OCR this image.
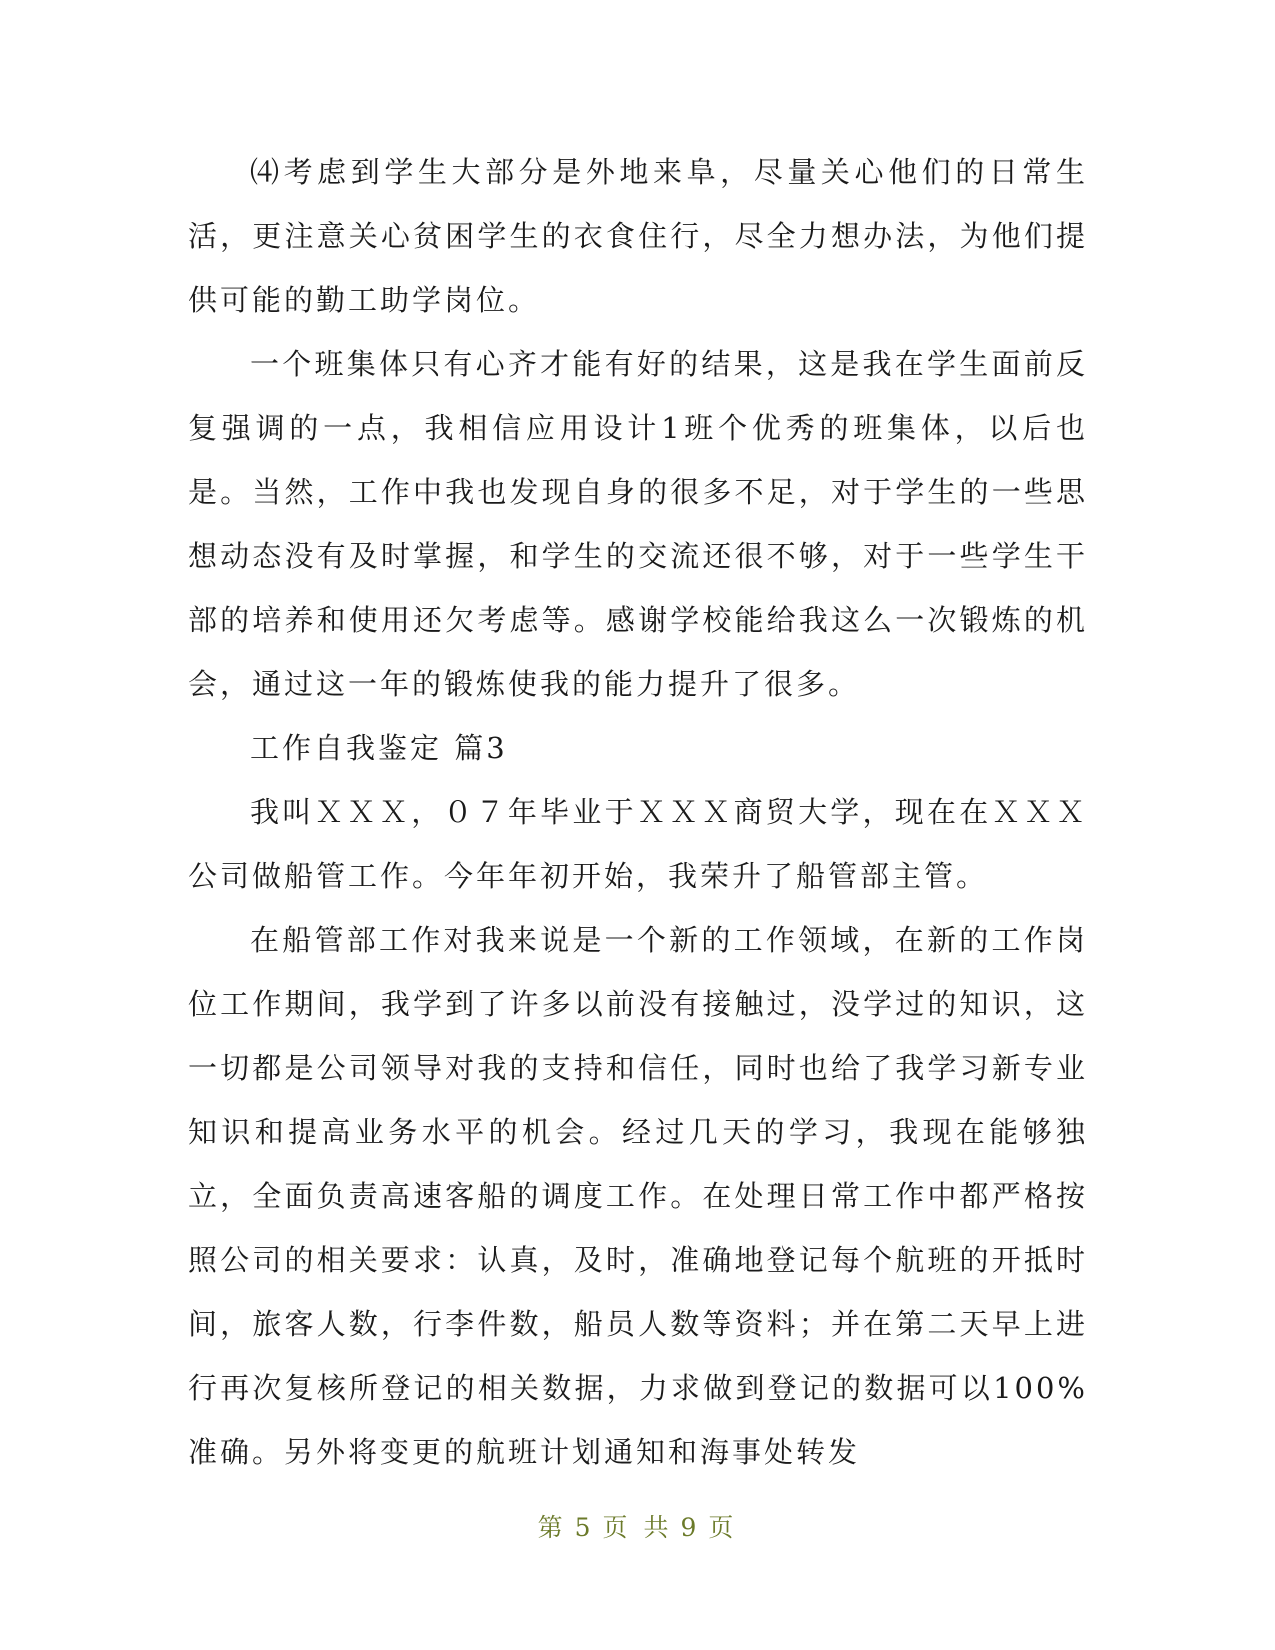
⑷考虑到学生大部分是外地来阜，尽量关心他们的日常生活，更注意关心贫困学生的衣食住行，尽全力想办法，为他们提供可能的勤工助学岗位。

一个班集体只有心齐才能有好的结果，这是我在学生面前反复强调的一点，我相信应用设计1班个优秀的班集体，以后也是。当然，工作中我也发现自身的很多不足，对于学生的一些思想动态没有及时掌握，和学生的交流还很不够，对于一些学生干部的培养和使用还欠考虑等。感谢学校能给我这么一次锻炼的机会，通过这一年的锻炼使我的能力提升了很多。

工作自我鉴定 篇3

我叫ＸＸＸ，０７年毕业于ＸＸＸ商贸大学，现在在ＸＸＸ公司做船管工作。今年年初开始，我荣升了船管部主管。

在船管部工作对我来说是一个新的工作领域，在新的工作岗位工作期间，我学到了许多以前没有接触过，没学过的知识，这一切都是公司领导对我的支持和信任，同时也给了我学习新专业知识和提高业务水平的机会。经过几天的学习，我现在能够独立，全面负责高速客船的调度工作。在处理日常工作中都严格按照公司的相关要求：认真，及时，准确地登记每个航班的开抵时间，旅客人数，行李件数，船员人数等资料；并在第二天早上进行再次复核所登记的相关数据，力求做到登记的数据可以100%准确。另外将变更的航班计划通知和海事处转发

第 5 页 共 9 页
